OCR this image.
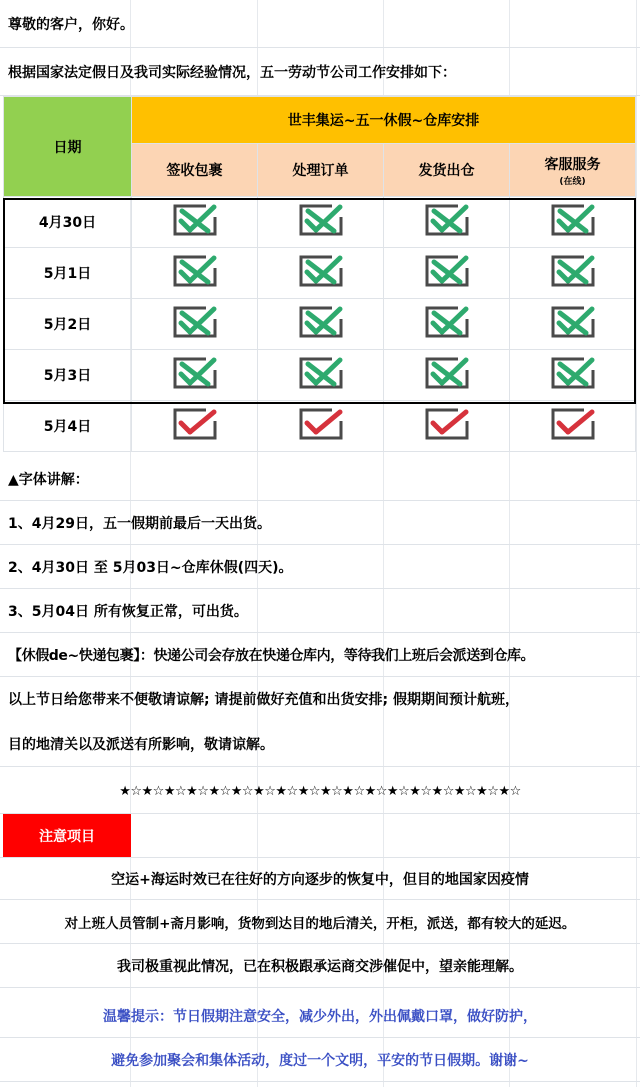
尊敬的客户，你好。
根据国家法定假日及我司实际经验情况，五一劳动节公司工作安排如下：
日期	世丰集运~五一休假~仓库安排			
	签收包裹	处理订单	发货出仓	客服服务
(在线)

4月30日				
5月1日				
5月2日				
5月3日				
5月4日				
▲字体讲解：
1、4月29日，五一假期前最后一天出货。
2、4月30日 至 5月03日~仓库休假(四天)。
3、5月04日 所有恢复正常，可出货。
【休假de~快递包裹】：快递公司会存放在快递仓库内，等待我们上班后会派送到仓库。
以上节日给您带来不便敬请谅解; 请提前做好充值和出货安排; 假期期间预计航班，
目的地清关以及派送有所影响，敬请谅解。
★☆★☆★☆★☆★☆★☆★☆★☆★☆★☆★☆★☆★☆★☆★☆★☆★☆★☆
注意项目
空运+海运时效已在往好的方向逐步的恢复中，但目的地国家因疫情
对上班人员管制+斋月影响，货物到达目的地后清关，开柜，派送，都有较大的延迟。
我司极重视此情况，已在积极跟承运商交涉催促中，望亲能理解。
温馨提示：节日假期注意安全，减少外出，外出佩戴口罩，做好防护，
避免参加聚会和集体活动，度过一个文明，平安的节日假期。谢谢~
